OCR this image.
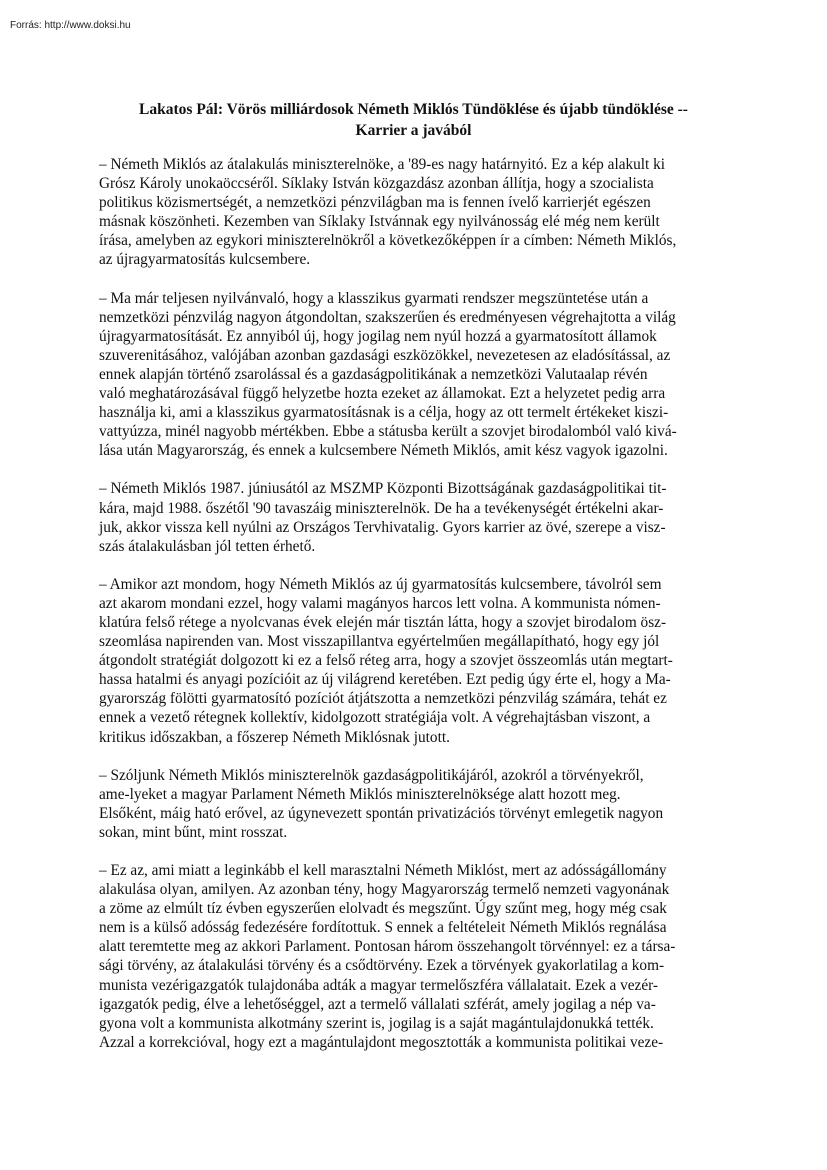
Forrás: http://www.doksi.hu
Lakatos Pál: Vörös milliárdosok Németh Miklós Tündöklése és újabb tündöklése --
Karrier a javából

– Németh Miklós az átalakulás miniszterelnöke, a '89-es nagy határnyitó. Ez a kép alakult ki
Grósz Károly unokaöccséről. Síklaky István közgazdász azonban állítja, hogy a szocialista
politikus közismertségét, a nemzetközi pénzvilágban ma is fennen ívelő karrierjét egészen
másnak köszönheti. Kezemben van Síklaky Istvánnak egy nyilvánosság elé még nem került
írása, amelyben az egykori miniszterelnökről a következőképpen ír a címben: Németh Miklós,
az újragyarmatosítás kulcsembere.

– Ma már teljesen nyilvánvaló, hogy a klasszikus gyarmati rendszer megszüntetése után a
nemzetközi pénzvilág nagyon átgondoltan, szakszerűen és eredményesen végrehajtotta a világ
újragyarmatosítását. Ez annyiból új, hogy jogilag nem nyúl hozzá a gyarmatosított államok
szuverenitásához, valójában azonban gazdasági eszközökkel, nevezetesen az eladósítással, az
ennek alapján történő zsarolással és a gazdaságpolitikának a nemzetközi Valutaalap révén
való meghatározásával függő helyzetbe hozta ezeket az államokat. Ezt a helyzetet pedig arra
használja ki, ami a klasszikus gyarmatosításnak is a célja, hogy az ott termelt értékeket kiszi-
vattyúzza, minél nagyobb mértékben. Ebbe a státusba került a szovjet birodalomból való kivá-
lása után Magyarország, és ennek a kulcsembere Németh Miklós, amit kész vagyok igazolni.

– Németh Miklós 1987. júniusától az MSZMP Központi Bizottságának gazdaságpolitikai tit-
kára, majd 1988. őszétől '90 tavaszáig miniszterelnök. De ha a tevékenységét értékelni akar-
juk, akkor vissza kell nyúlni az Országos Tervhivatalig. Gyors karrier az övé, szerepe a visz-
szás átalakulásban jól tetten érhető.

– Amikor azt mondom, hogy Németh Miklós az új gyarmatosítás kulcsembere, távolról sem
azt akarom mondani ezzel, hogy valami magányos harcos lett volna. A kommunista nómen-
klatúra felső rétege a nyolcvanas évek elején már tisztán látta, hogy a szovjet birodalom ösz-
szeomlása napirenden van. Most visszapillantva egyértelműen megállapítható, hogy egy jól
átgondolt stratégiát dolgozott ki ez a felső réteg arra, hogy a szovjet összeomlás után megtart-
hassa hatalmi és anyagi pozícióit az új világrend keretében. Ezt pedig úgy érte el, hogy a Ma-
gyarország fölötti gyarmatosító pozíciót átjátszotta a nemzetközi pénzvilág számára, tehát ez
ennek a vezető rétegnek kollektív, kidolgozott stratégiája volt. A végrehajtásban viszont, a
kritikus időszakban, a főszerep Németh Miklósnak jutott.

– Szóljunk Németh Miklós miniszterelnök gazdaságpolitikájáról, azokról a törvényekről,
ame-lyeket a magyar Parlament Németh Miklós miniszterelnöksége alatt hozott meg.
Elsőként, máig ható erővel, az úgynevezett spontán privatizációs törvényt emlegetik nagyon
sokan, mint bűnt, mint rosszat.

– Ez az, ami miatt a leginkább el kell marasztalni Németh Miklóst, mert az adósságállomány
alakulása olyan, amilyen. Az azonban tény, hogy Magyarország termelő nemzeti vagyonának
a zöme az elmúlt tíz évben egyszerűen elolvadt és megszűnt. Úgy szűnt meg, hogy még csak
nem is a külső adósság fedezésére fordítottuk. S ennek a feltételeit Németh Miklós regnálása
alatt teremtette meg az akkori Parlament. Pontosan három összehangolt törvénnyel: ez a társa-
sági törvény, az átalakulási törvény és a csődtörvény. Ezek a törvények gyakorlatilag a kom-
munista vezérigazgatók tulajdonába adták a magyar termelőszféra vállalatait. Ezek a vezér-
igazgatók pedig, élve a lehetőséggel, azt a termelő vállalati szférát, amely jogilag a nép va-
gyona volt a kommunista alkotmány szerint is, jogilag is a saját magántulajdonukká tették.
Azzal a korrekcióval, hogy ezt a magántulajdont megosztották a kommunista politikai veze-
